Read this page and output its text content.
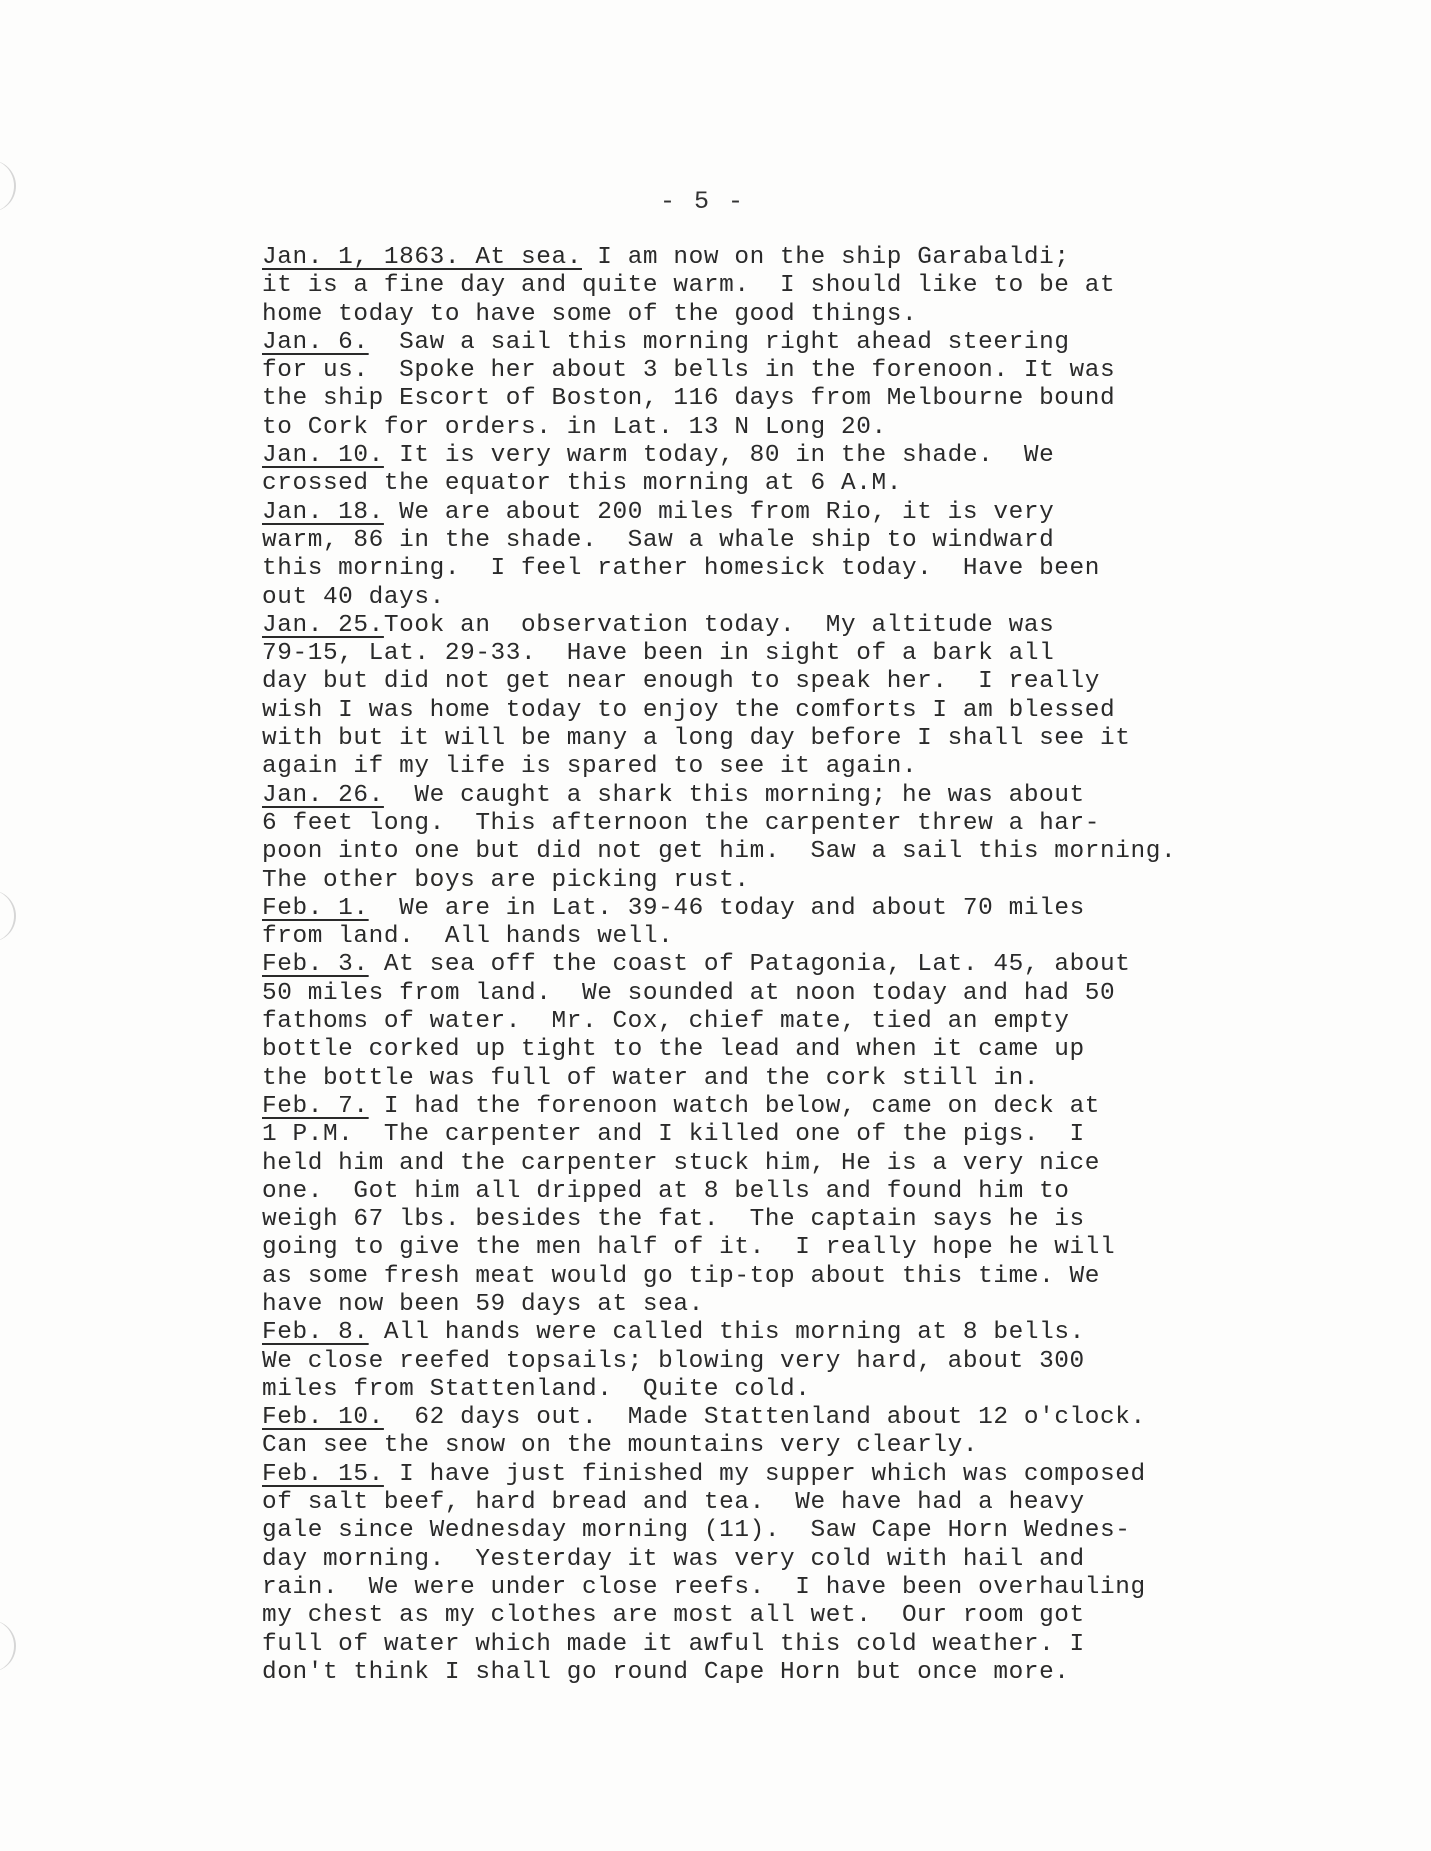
- 5 -
Jan. 1, 1863. At sea. I am now on the ship Garabaldi;
it is a fine day and quite warm.  I should like to be at
home today to have some of the good things.
Jan. 6.  Saw a sail this morning right ahead steering
for us.  Spoke her about 3 bells in the forenoon. It was
the ship Escort of Boston, 116 days from Melbourne bound
to Cork for orders. in Lat. 13 N Long 20.
Jan. 10. It is very warm today, 80 in the shade.  We
crossed the equator this morning at 6 A.M.
Jan. 18. We are about 200 miles from Rio, it is very
warm, 86 in the shade.  Saw a whale ship to windward
this morning.  I feel rather homesick today.  Have been
out 40 days.
Jan. 25.Took an  observation today.  My altitude was
79-15, Lat. 29-33.  Have been in sight of a bark all
day but did not get near enough to speak her.  I really
wish I was home today to enjoy the comforts I am blessed
with but it will be many a long day before I shall see it
again if my life is spared to see it again.
Jan. 26.  We caught a shark this morning; he was about
6 feet long.  This afternoon the carpenter threw a har-
poon into one but did not get him.  Saw a sail this morning.
The other boys are picking rust.
Feb. 1.  We are in Lat. 39-46 today and about 70 miles
from land.  All hands well.
Feb. 3. At sea off the coast of Patagonia, Lat. 45, about
50 miles from land.  We sounded at noon today and had 50
fathoms of water.  Mr. Cox, chief mate, tied an empty
bottle corked up tight to the lead and when it came up
the bottle was full of water and the cork still in.
Feb. 7. I had the forenoon watch below, came on deck at
1 P.M.  The carpenter and I killed one of the pigs.  I
held him and the carpenter stuck him, He is a very nice
one.  Got him all dripped at 8 bells and found him to
weigh 67 lbs. besides the fat.  The captain says he is
going to give the men half of it.  I really hope he will
as some fresh meat would go tip-top about this time. We
have now been 59 days at sea.
Feb. 8. All hands were called this morning at 8 bells.
We close reefed topsails; blowing very hard, about 300
miles from Stattenland.  Quite cold.
Feb. 10.  62 days out.  Made Stattenland about 12 o'clock.
Can see the snow on the mountains very clearly.
Feb. 15. I have just finished my supper which was composed
of salt beef, hard bread and tea.  We have had a heavy
gale since Wednesday morning (11).  Saw Cape Horn Wednes-
day morning.  Yesterday it was very cold with hail and
rain.  We were under close reefs.  I have been overhauling
my chest as my clothes are most all wet.  Our room got
full of water which made it awful this cold weather. I
don't think I shall go round Cape Horn but once more.
